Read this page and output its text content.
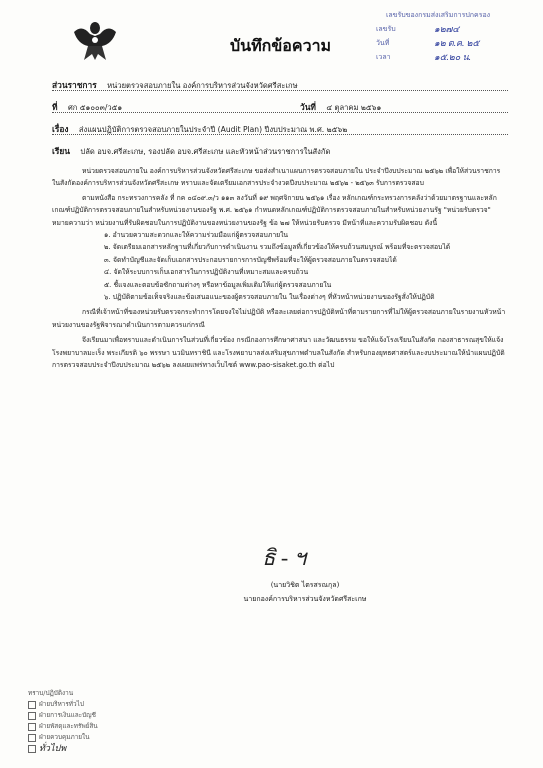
เลขรับของกรมส่งเสริมการปกครอง
เลขรับ	๑๒๗๔
วันที่	๑๒ ต.ค. ๒๕
เวลา	๑๕.๒๐ น.
บันทึกข้อความ
ส่วนราชการ หน่วยตรวจสอบภายใน องค์การบริหารส่วนจังหวัดศรีสะเกษ
ที่ ศก ๕๑๐๐๓/ว๕๑	วันที่ ๔ ตุลาคม ๒๕๖๑
เรื่อง ส่งแผนปฏิบัติการตรวจสอบภายในประจำปี (Audit Plan) ปีงบประมาณ พ.ศ. ๒๕๖๒
เรียน ปลัด อบจ.ศรีสะเกษ, รองปลัด อบจ.ศรีสะเกษ และหัวหน้าส่วนราชการในสังกัด

หน่วยตรวจสอบภายใน องค์การบริหารส่วนจังหวัดศรีสะเกษ ขอส่งสำเนาแผนการตรวจสอบภายใน ประจำปีงบประมาณ ๒๕๖๒ เพื่อให้ส่วนราชการในสังกัดองค์การบริหารส่วนจังหวัดศรีสะเกษ ทราบและจัดเตรียมเอกสารประจำงวดปีงบประมาณ ๒๕๖๒ - ๒๕๖๓ รับการตรวจสอบ

ตามหนังสือ กระทรวงการคลัง ที่ กค ๐๔๐๙.๓/ว ๑๑๓ ลงวันที่ ๑๙ พฤศจิกายน ๒๕๖๑ เรื่อง หลักเกณฑ์กระทรวงการคลังว่าด้วยมาตรฐานและหลักเกณฑ์ปฏิบัติการตรวจสอบภายในสำหรับหน่วยงานของรัฐ พ.ศ. ๒๕๖๑ กำหนดหลักเกณฑ์ปฏิบัติการตรวจสอบภายในสำหรับหน่วยงานรัฐ "หน่วยรับตรวจ" หมายความว่า หน่วยงานที่รับผิดชอบในการปฏิบัติงานของหน่วยงานของรัฐ ข้อ ๒๗ ให้หน่วยรับตรวจ มีหน้าที่และความรับผิดชอบ ดังนี้

๑. อำนวยความสะดวกและให้ความร่วมมือแก่ผู้ตรวจสอบภายใน

๒. จัดเตรียมเอกสารหลักฐานที่เกี่ยวกับการดำเนินงาน รวมถึงข้อมูลที่เกี่ยวข้องให้ครบถ้วนสมบูรณ์ พร้อมที่จะตรวจสอบได้

๓. จัดทำบัญชีและจัดเก็บเอกสารประกอบรายการการบัญชีพร้อมที่จะให้ผู้ตรวจสอบภายในตรวจสอบได้

๔. จัดให้ระบบการเก็บเอกสารในการปฏิบัติงานที่เหมาะสมและครบถ้วน

๕. ชี้แจงและตอบข้อซักถามต่างๆ หรือหาข้อมูลเพิ่มเติมให้แก่ผู้ตรวจสอบภายใน

๖. ปฏิบัติตามข้อเท็จจริงและข้อเสนอแนะของผู้ตรวจสอบภายใน ในเรื่องต่างๆ ที่หัวหน้าหน่วยงานของรัฐสั่งให้ปฏิบัติ

กรณีที่เจ้าหน้าที่ของหน่วยรับตรวจกระทำการโดยจงใจไม่ปฏิบัติ หรือละเลยต่อการปฏิบัติหน้าที่ตามรายการที่ไม่ให้ผู้ตรวจสอบภายในรายงานหัวหน้าหน่วยงานของรัฐพิจารณาดำเนินการตามควรแก่กรณี

จึงเรียนมาเพื่อทราบและดำเนินการในส่วนที่เกี่ยวข้อง กรณีกองการศึกษาศาสนา และวัฒนธรรม ขอให้แจ้งโรงเรียนในสังกัด กองสาธารณสุขให้แจ้งโรงพยาบาลมะเร็ง พระเกียรติ ๖๐ พรรษา นวมินทราชินี และโรงพยาบาลส่งเสริมสุขภาพตำบลในสังกัด สำหรับกองยุทธศาสตร์และงบประมาณให้นำแผนปฏิบัติการตรวจสอบประจำปีงบประมาณ ๒๕๖๒ ลงเผยแพร่ทางเว็บไซต์ www.pao-sisaket.go.th ต่อไป

ธิ - ฯ
(นายวิชิต ไตรสรณกุล)
นายกองค์การบริหารส่วนจังหวัดศรีสะเกษ
ทราบ/ปฏิบัติงาน
ฝ่ายบริหารทั่วไป
ฝ่ายการเงินและบัญชี
ฝ่ายพัสดุและทรัพย์สิน
ฝ่ายควบคุมภายใน
ทั่วไปพ
